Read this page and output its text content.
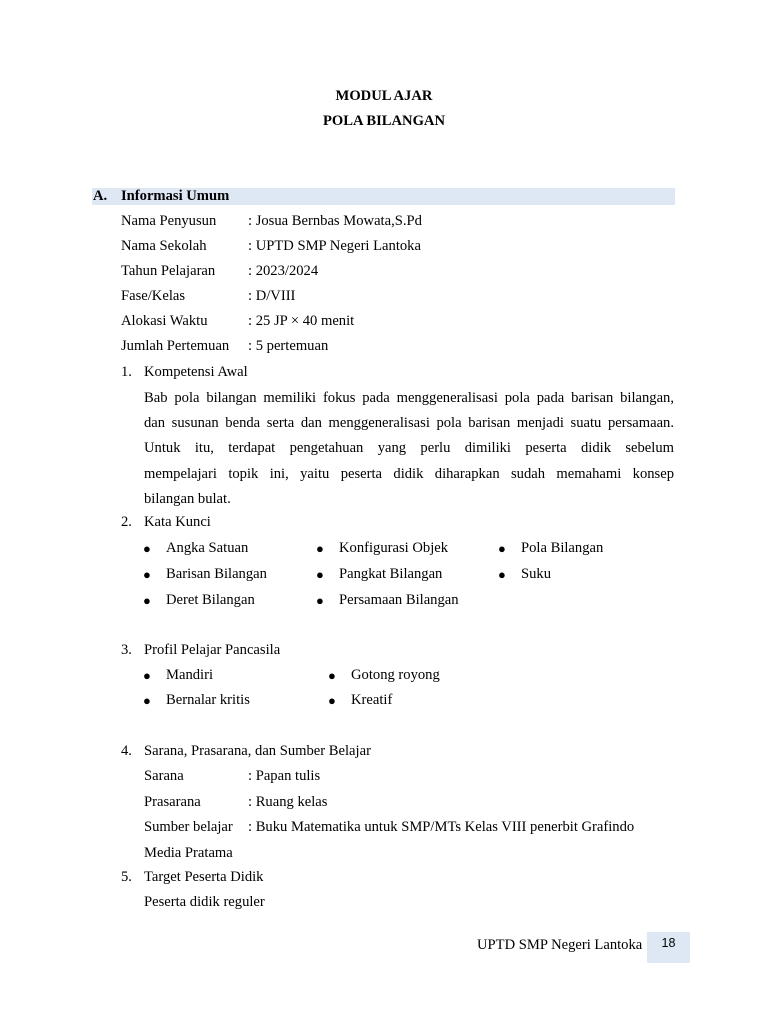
MODUL AJAR
POLA BILANGAN
A. Informasi Umum
Nama Penyusun : Josua Bernbas Mowata,S.Pd
Nama Sekolah	: UPTD SMP Negeri Lantoka
Tahun Pelajaran : 2023/2024
Fase/Kelas	: D/VIII
Alokasi Waktu	: 25 JP × 40 menit
Jumlah Pertemuan : 5 pertemuan
1. Kompetensi Awal
Bab pola bilangan memiliki fokus pada menggeneralisasi pola pada barisan bilangan,
dan susunan benda serta dan menggeneralisasi pola barisan menjadi suatu persamaan.
Untuk itu, terdapat pengetahuan yang perlu dimiliki peserta didik sebelum
mempelajari topik ini, yaitu peserta didik diharapkan sudah memahami konsep
bilangan bulat.
2. Kata Kunci
● Angka Satuan	● Konfigurasi Objek	● Pola Bilangan
● Barisan Bilangan	● Pangkat Bilangan	● Suku
● Deret Bilangan	● Persamaan Bilangan
3. Profil Pelajar Pancasila
● Mandiri	● Gotong royong
● Bernalar kritis	● Kreatif
4. Sarana, Prasarana, dan Sumber Belajar
Sarana	: Papan tulis
Prasarana	: Ruang kelas
Sumber belajar : Buku Matematika untuk SMP/MTs Kelas VIII penerbit Grafindo
Media Pratama
5. Target Peserta Didik
Peserta didik reguler
UPTD SMP Negeri Lantoka	18
